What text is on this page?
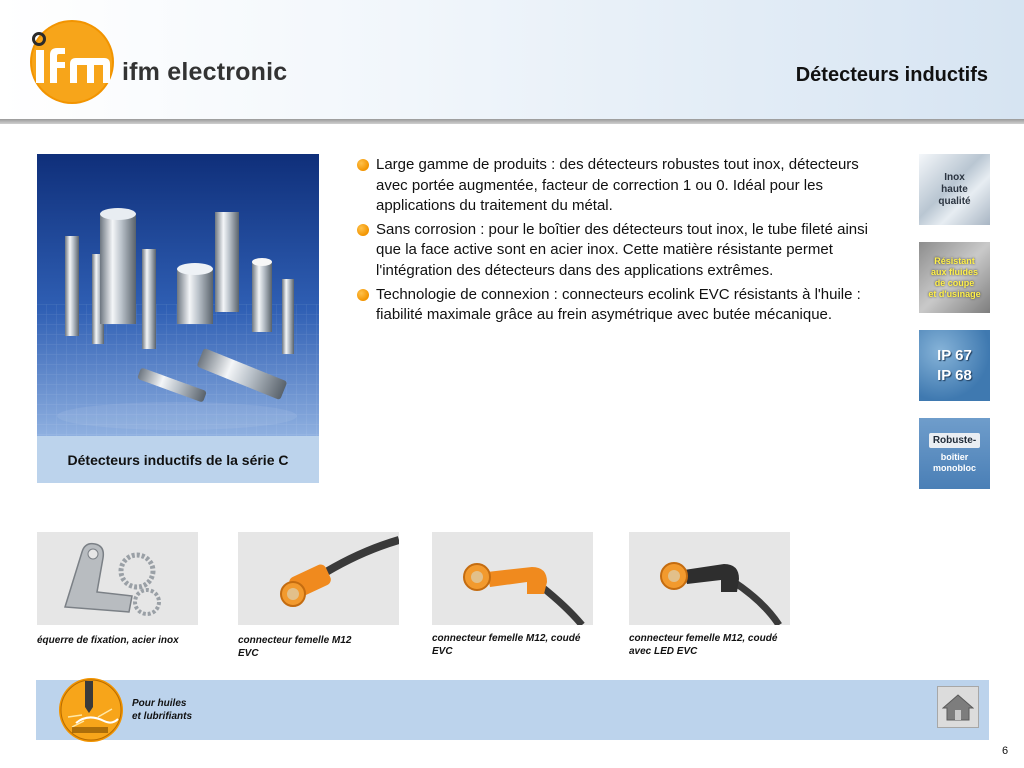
ifm electronic	Détecteurs inductifs
Détecteurs inductifs de la série C
Large gamme de produits : des détecteurs robustes tout inox, détecteurs avec portée augmentée, facteur de correction 1 ou 0. Idéal pour les applications du traitement du métal.
Sans corrosion : pour le boîtier des détecteurs tout inox, le tube fileté ainsi que la face active sont en acier inox. Cette matière résistante permet l'intégration des détecteurs dans des applications extrêmes.
Technologie de connexion : connecteurs ecolink EVC résistants à l'huile : fiabilité maximale grâce au frein asymétrique avec butée mécanique.
Inox
haute
qualité
Résistant
aux fluides
de coupe
et d'usinage
IP 67
IP 68
Robuste-
boîtier
monobloc
équerre de fixation, acier inox	connecteur femelle M12
EVC
connecteur femelle M12, coudé
EVC
connecteur femelle M12, coudé
avec LED EVC
Pour huiles
et lubrifiants
6
